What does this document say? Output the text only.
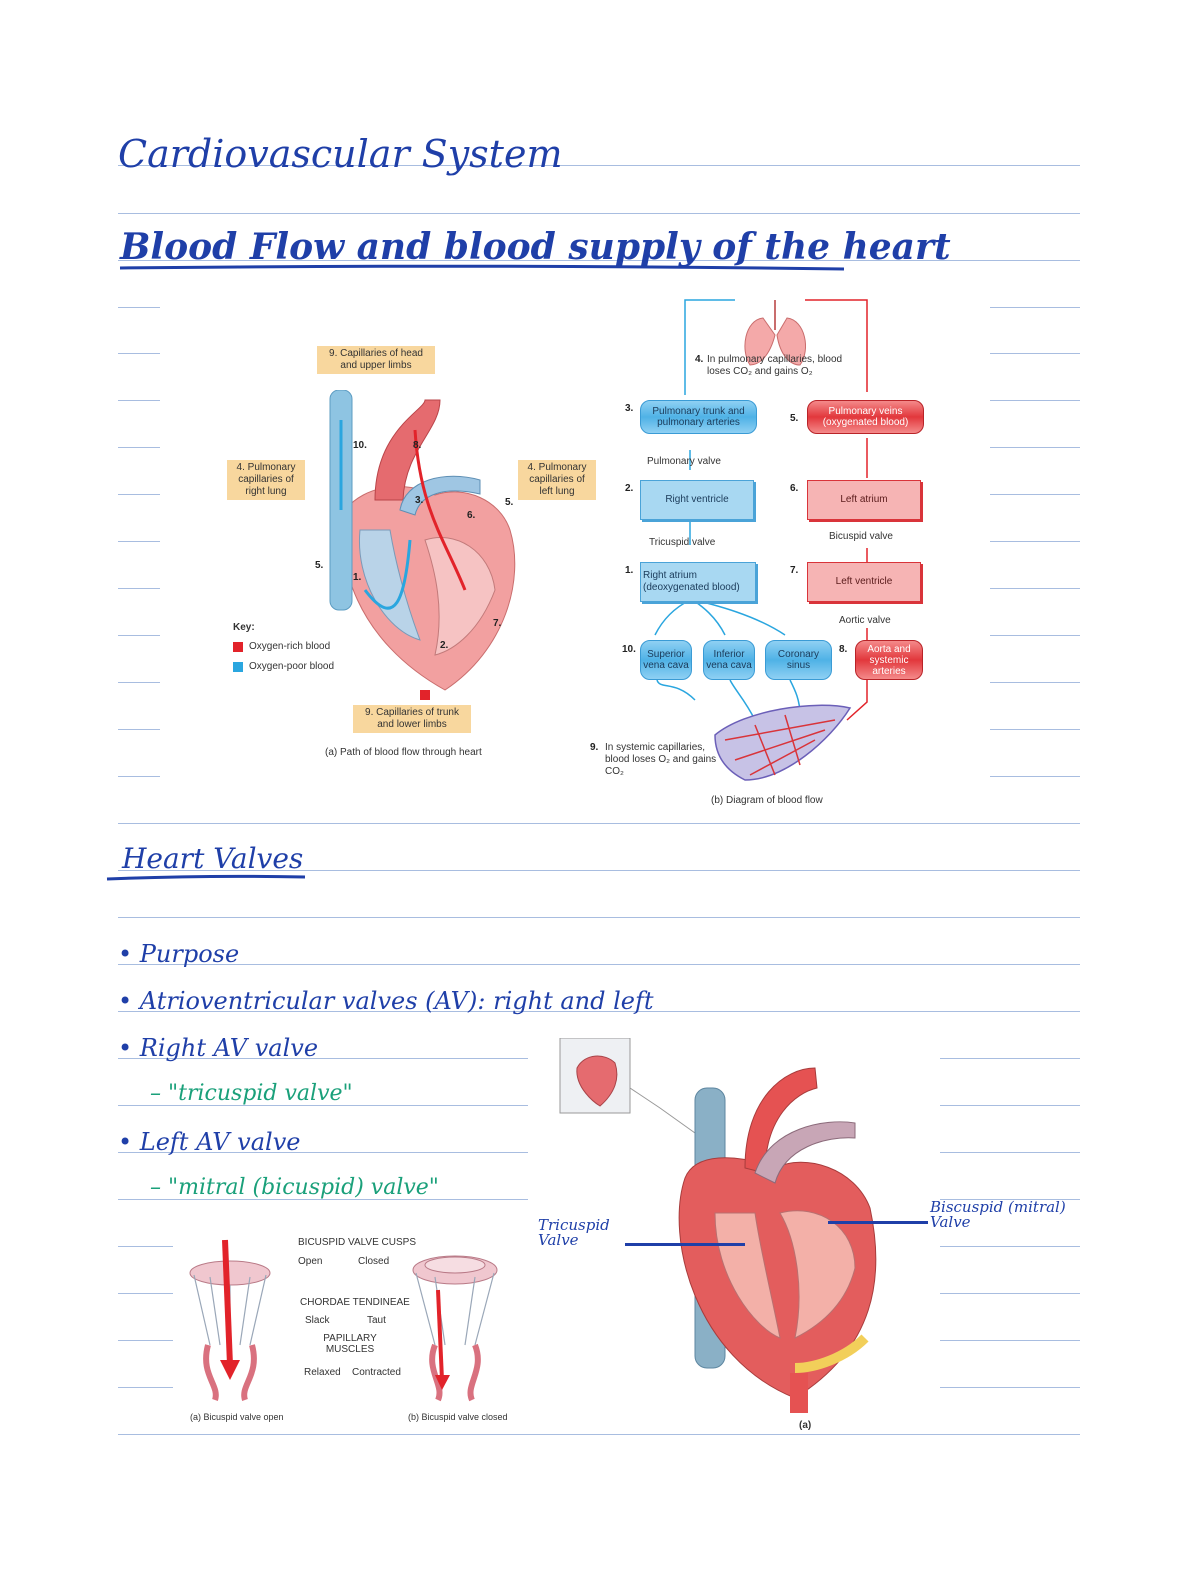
Cardiovascular System
Blood Flow and blood supply of the heart
9. Capillaries of head and upper limbs
4. Pulmonary capillaries of right lung
4. Pulmonary capillaries of left lung
10.	8.
3.
6.
5.
5.
1.
7.
2.
Key:
Oxygen-rich blood
Oxygen-poor blood
9. Capillaries of trunk and lower limbs
(a) Path of blood flow through heart
4. In pulmonary capillaries, blood loses CO₂ and gains O₂
3.	Pulmonary trunk and pulmonary arteries	5.
Pulmonary veins (oxygenated blood)
Pulmonary valve
2.
Right ventricle
6.
Left atrium
Tricuspid valve
Bicuspid valve
1. Right atrium (deoxygenated blood)
7.
Left ventricle
Aortic valve
10.	Superior vena cava
Inferior vena cava
Coronary sinus
8.	Aorta and systemic arteries
9. In systemic capillaries, blood loses O₂ and gains CO₂
(b) Diagram of blood flow
Heart Valves
• Purpose
• Atrioventricular valves (AV): right and left
• Right AV valve
– "tricuspid valve"
• Left AV valve
– "mitral (bicuspid) valve"
BICUSPID VALVE CUSPS
Open	Closed
CHORDAE TENDINEAE
Slack	Taut
PAPILLARY MUSCLES
Relaxed Contracted
(a) Bicuspid valve open	(b) Bicuspid valve closed
(a)
Tricuspid Valve
Biscuspid (mitral) Valve
